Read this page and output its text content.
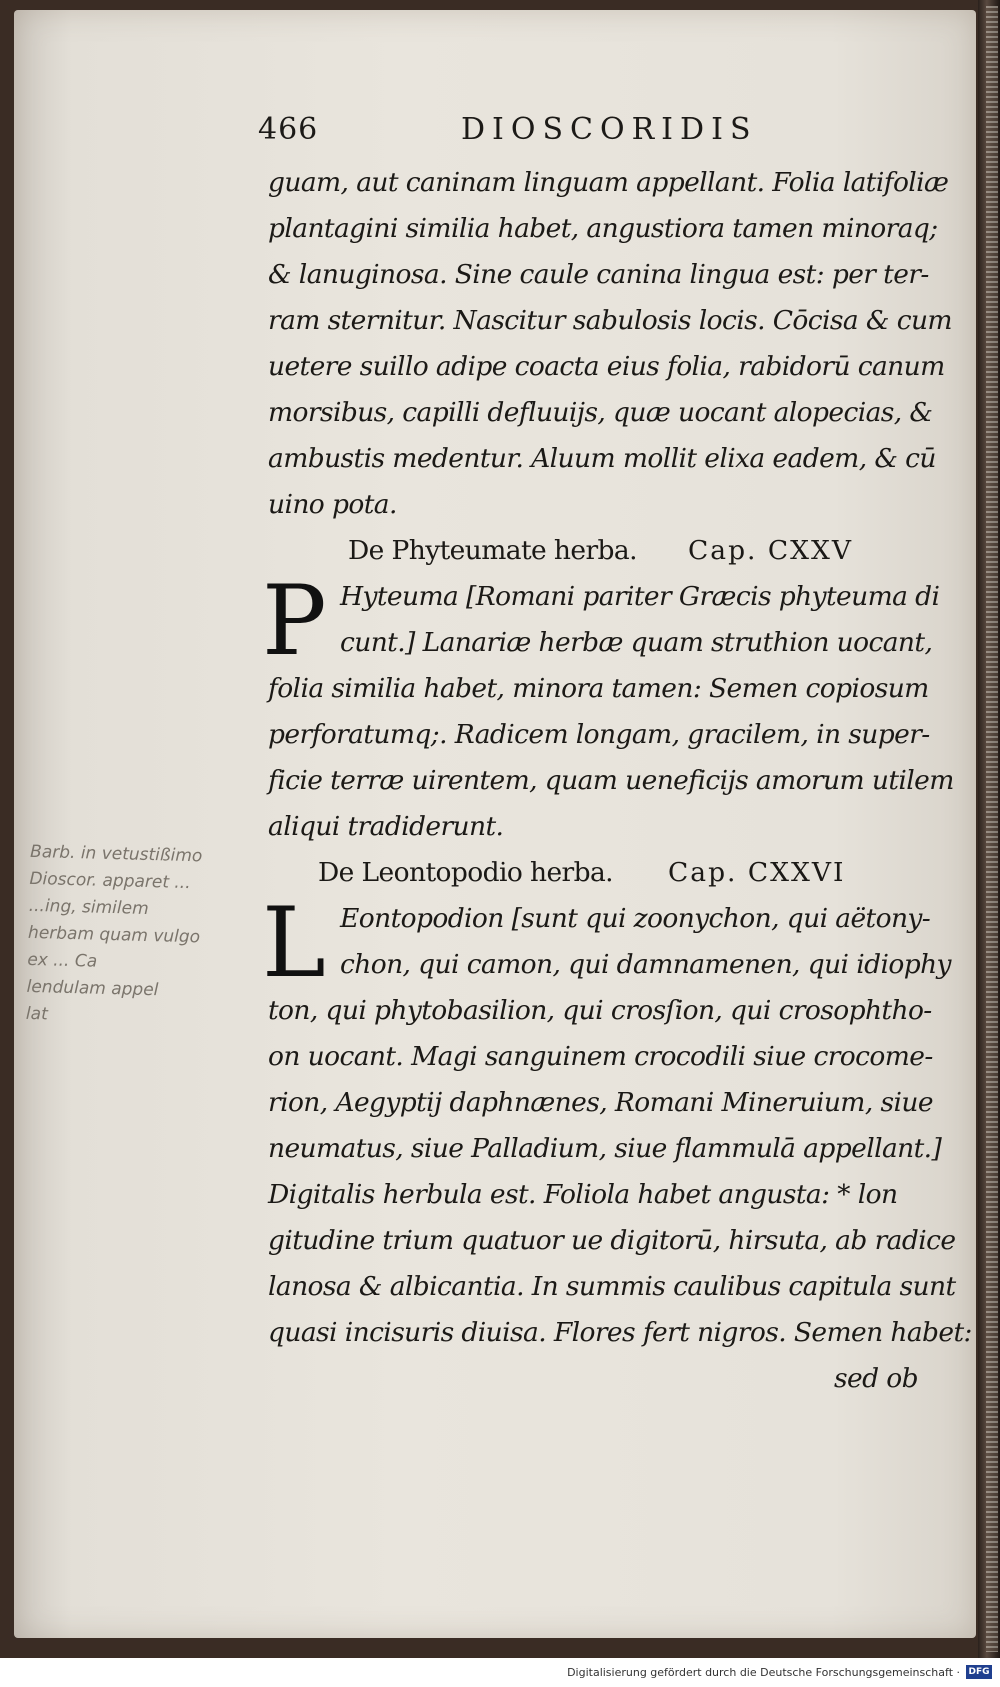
466	DIOSCORIDIS
guam, aut caninam linguam appellant. Folia latifoliæ
plantagini similia habet, angustiora tamen minoraq;
& lanuginosa. Sine caule canina lingua est: per ter-
ram sternitur. Nascitur sabulosis locis. Cōcisa & cum
uetere suillo adipe coacta eius folia, rabidorū canum
morsibus, capilli defluuijs, quæ uocant alopecias, &
ambustis medentur. Aluum mollit elixa eadem, & cū
uino pota.
De Phyteumate herba. Cap. CXXV
P Hyteuma [Romani pariter Græcis phyteuma di
cunt.] Lanariæ herbæ quam struthion uocant,
folia similia habet, minora tamen: Semen copiosum
perforatumq;. Radicem longam, gracilem, in super-
ficie terræ uirentem, quam ueneficijs amorum utilem
aliqui tradiderunt.
De Leontopodio herba. Cap. CXXVI
L Eontopodion [sunt qui zoonychon, qui aëtony-
chon, qui camon, qui damnamenen, qui idiophy
ton, qui phytobasilion, qui crosſion, qui crosophtho-
on uocant. Magi sanguinem crocodili siue crocome-
rion, Aegyptij daphnænes, Romani Mineruium, siue
neumatus, siue Palladium, siue flammulā appellant.]
Digitalis herbula est. Foliola habet angusta: * lon
gitudine trium quatuor ue digitorū, hirsuta, ab radice
lanosa & albicantia. In summis caulibus capitula sunt
quasi incisuris diuisa. Flores fert nigros. Semen habet:
sed ob
Barb. in vetustißimo
Dioscor. apparet ...
...ing, similem
herbam quam vulgo
ex ... Ca
lendulam appel
lat
Digitalisierung gefördert durch die Deutsche Forschungsgemeinschaft · DFG
